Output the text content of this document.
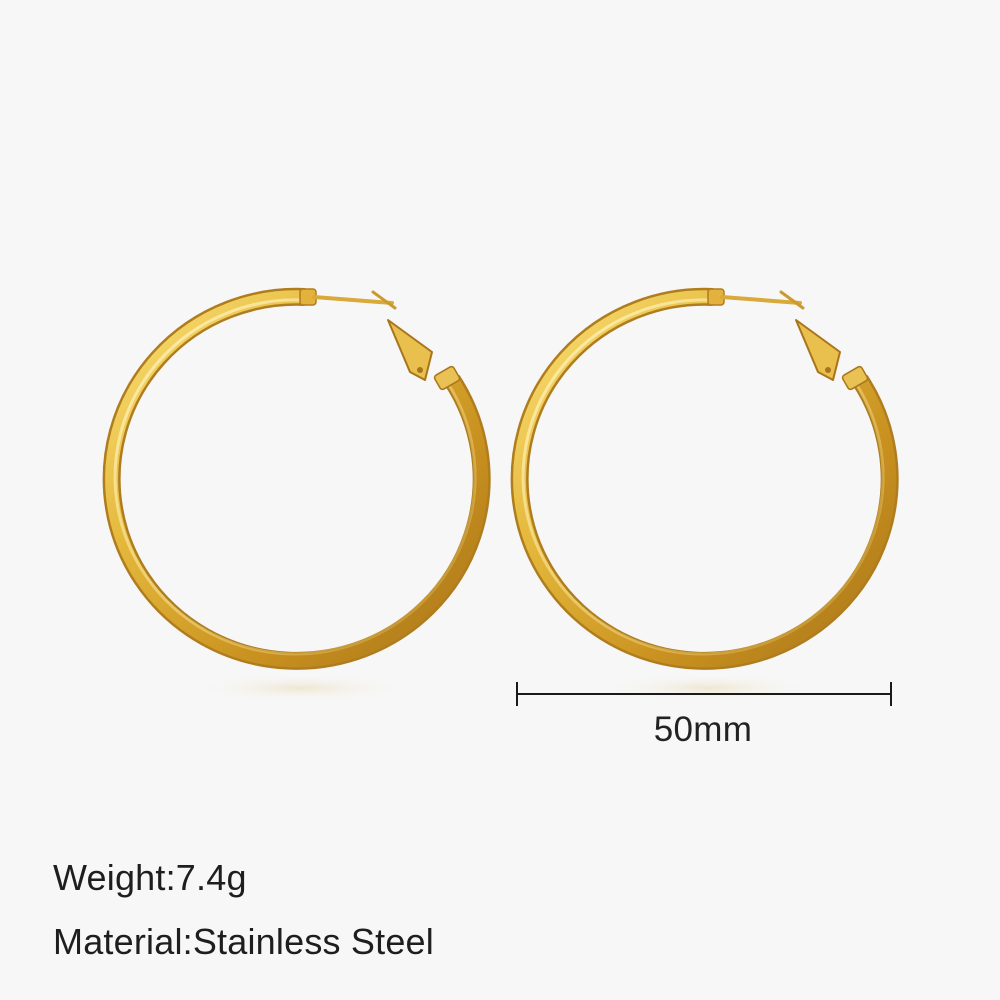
50mm
Weight:7.4g
Material:Stainless Steel
